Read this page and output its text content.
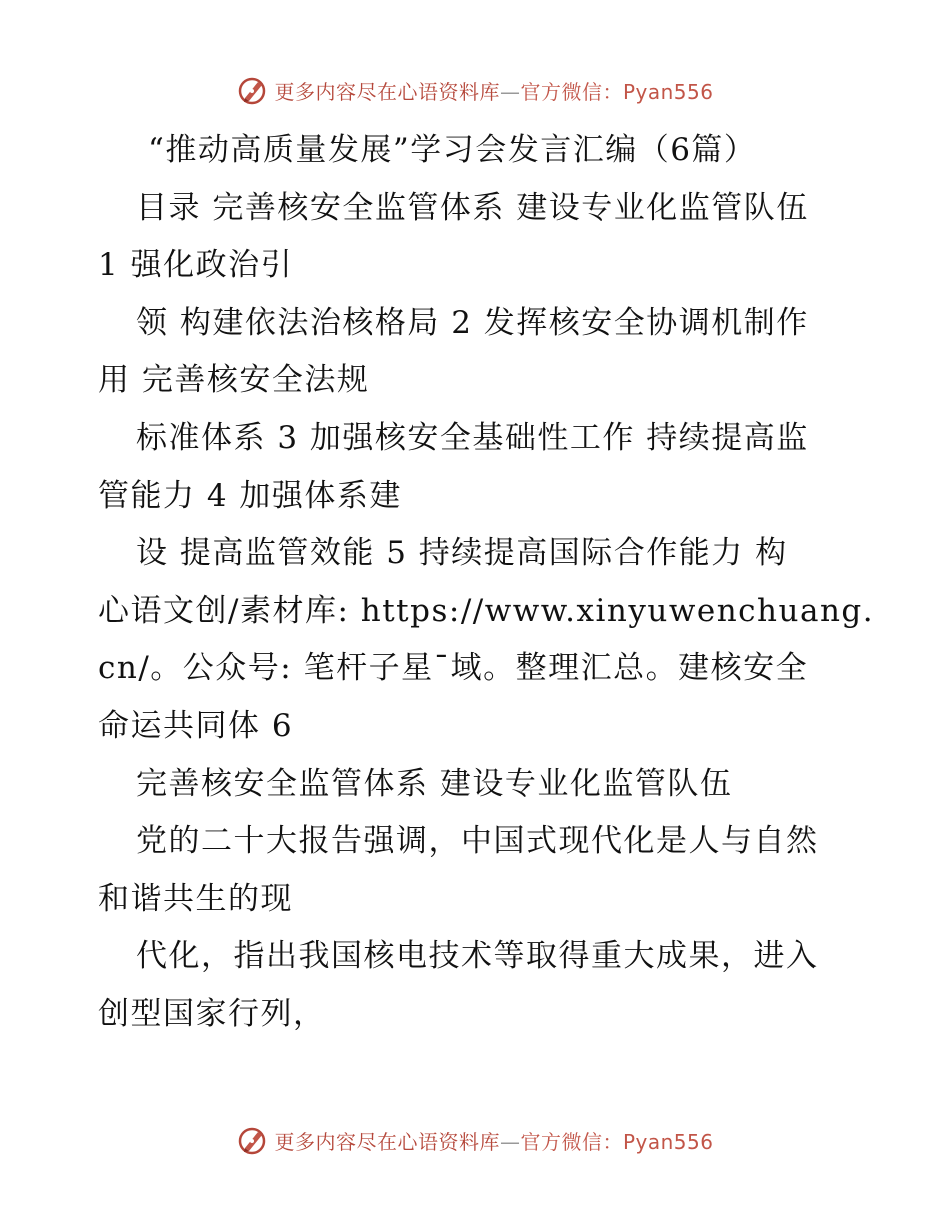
更多内容尽在心语资料库—官方微信：Pyan556
“推动高质量发展”学习会发言汇编（6篇）
目录 完善核安全监管体系 建设专业化监管队伍
1 强化政治引
领 构建依法治核格局 2 发挥核安全协调机制作
用 完善核安全法规
标准体系 3 加强核安全基础性工作 持续提高监
管能力 4 加强体系建
设 提高监管效能 5 持续提高国际合作能力 构
心语文创/素材库: https://www.xinyuwenchuang.
cn/。公众号: 笔杆子星¯域。整理汇总。建核安全
命运共同体 6
完善核安全监管体系 建设专业化监管队伍
党的二十大报告强调，中国式现代化是人与自然
和谐共生的现
代化，指出我国核电技术等取得重大成果，进入
创型国家行列，
更多内容尽在心语资料库—官方微信：Pyan556
